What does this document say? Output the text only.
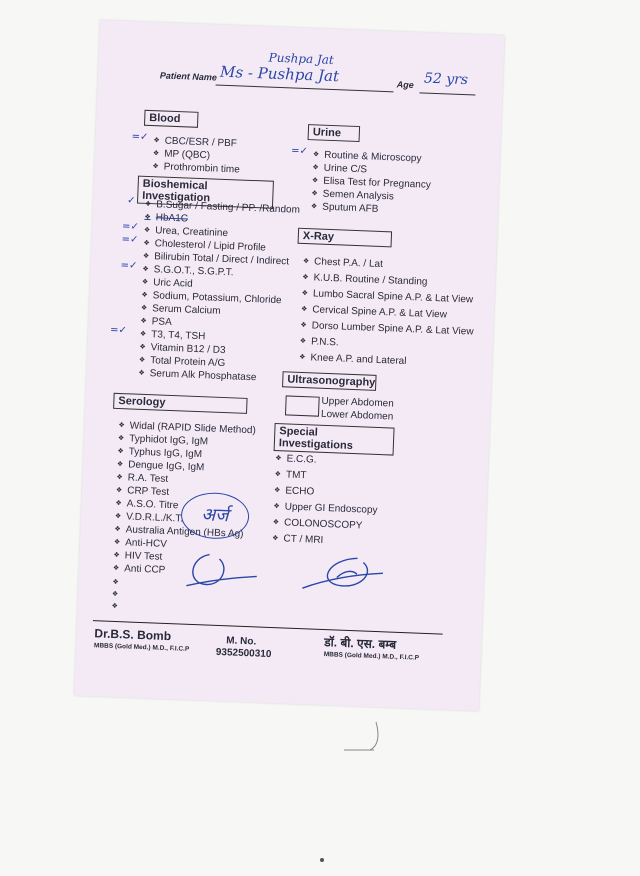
Pushpa Jat
Patient Name Ms - Pushpa Jat	Age 52 yrs
Blood
❖ CBC/ESR / PBF
❖ MP (QBC)
❖ Prothrombin time
=✓
Bioshemical Investigation
❖ B.Sugar / Fasting / PP. /Random
❖ HbA1C
❖ Urea, Creatinine
❖ Cholesterol / Lipid Profile
❖ Bilirubin Total / Direct / Indirect
❖ S.G.O.T., S.G.P.T.
❖ Uric Acid
❖ Sodium, Potassium, Chloride
❖ Serum Calcium
❖ PSA
❖ T3, T4, TSH
❖ Vitamin B12 / D3
❖ Total Protein A/G
❖ Serum Alk Phosphatase
✓
=✓
=✓
=✓
=✓
Serology
❖ Widal (RAPID Slide Method)
❖ Typhidot IgG, IgM
❖ Typhus IgG, IgM
❖ Dengue IgG, IgM
❖ R.A. Test
❖ CRP Test
❖ A.S.O. Titre
❖ V.D.R.L./K.T.
❖ Australia Antigen (HBs Ag)
❖ Anti-HCV
❖ HIV Test
❖ Anti CCP
❖
❖
❖
Urine
❖ Routine & Microscopy
❖ Urine C/S
❖ Elisa Test for Pregnancy
❖ Semen Analysis
❖ Sputum AFB
=✓
X-Ray
❖ Chest P.A. / Lat
❖ K.U.B. Routine / Standing
❖ Lumbo Sacral Spine A.P. & Lat View
❖ Cervical Spine A.P. & Lat View
❖ Dorso Lumber Spine A.P. & Lat View
❖ P.N.S.
❖ Knee A.P. and Lateral
Ultrasonography
Upper Abdomen
Lower Abdomen
Special Investigations
❖ E.C.G.
❖ TMT
❖ ECHO
❖ Upper GI Endoscopy
❖ COLONOSCOPY
❖ CT / MRI
अर्ज
Dr.B.S. Bomb
MBBS (Gold Med.) M.D., F.I.C.P
M. No.
9352500310
डॉ. बी. एस. बम्ब
MBBS (Gold Med.) M.D., F.I.C.P
